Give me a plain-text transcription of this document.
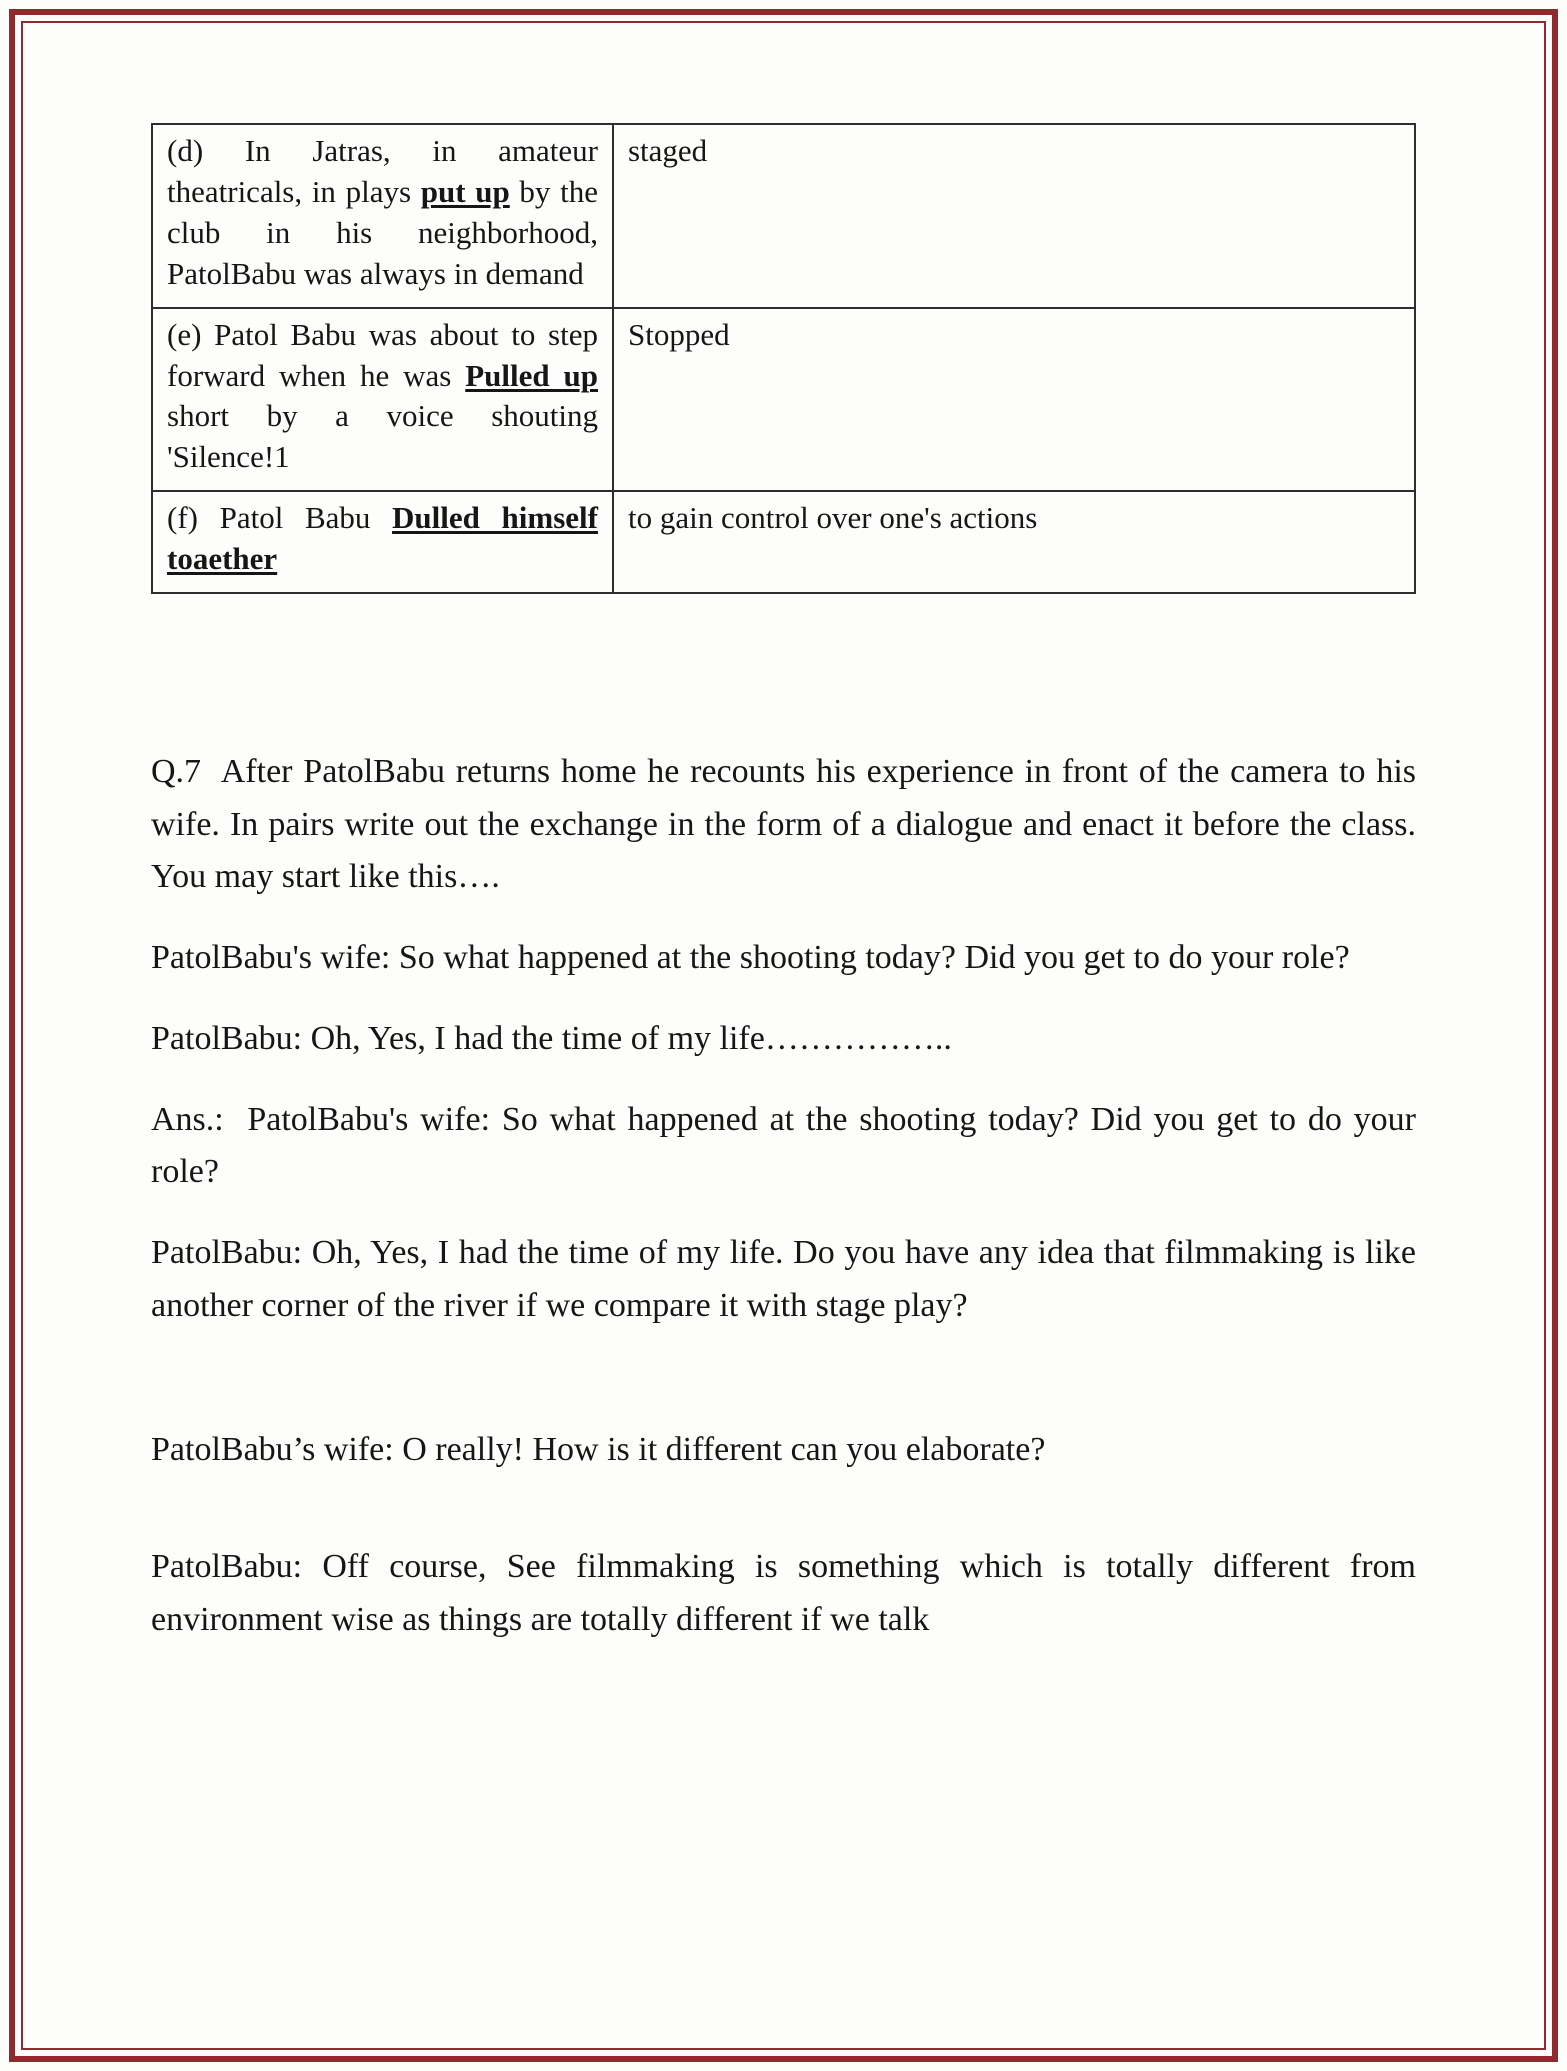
(d) In Jatras, in amateur theatricals, in plays put up by the club in his neighborhood, PatolBabu was always in demand	staged
(e) Patol Babu was about to step forward when he was Pulled up short by a voice shouting 'Silence!1	Stopped
(f) Patol Babu Dulled himself toaether	to gain control over one's actions

Q.7  After PatolBabu returns home he recounts his experience in front of the camera to his wife. In pairs write out the exchange in the form of a dialogue and enact it before the class. You may start like this….

PatolBabu's wife: So what happened at the shooting today? Did you get to do your role?

PatolBabu: Oh, Yes, I had the time of my life……………..

Ans.:  PatolBabu's wife: So what happened at the shooting today? Did you get to do your role?

PatolBabu: Oh, Yes, I had the time of my life. Do you have any idea that filmmaking is like another corner of the river if we compare it with stage play?

PatolBabu’s wife: O really! How is it different can you elaborate?

PatolBabu: Off course, See filmmaking is something which is totally different from environment wise as things are totally different if we talk
